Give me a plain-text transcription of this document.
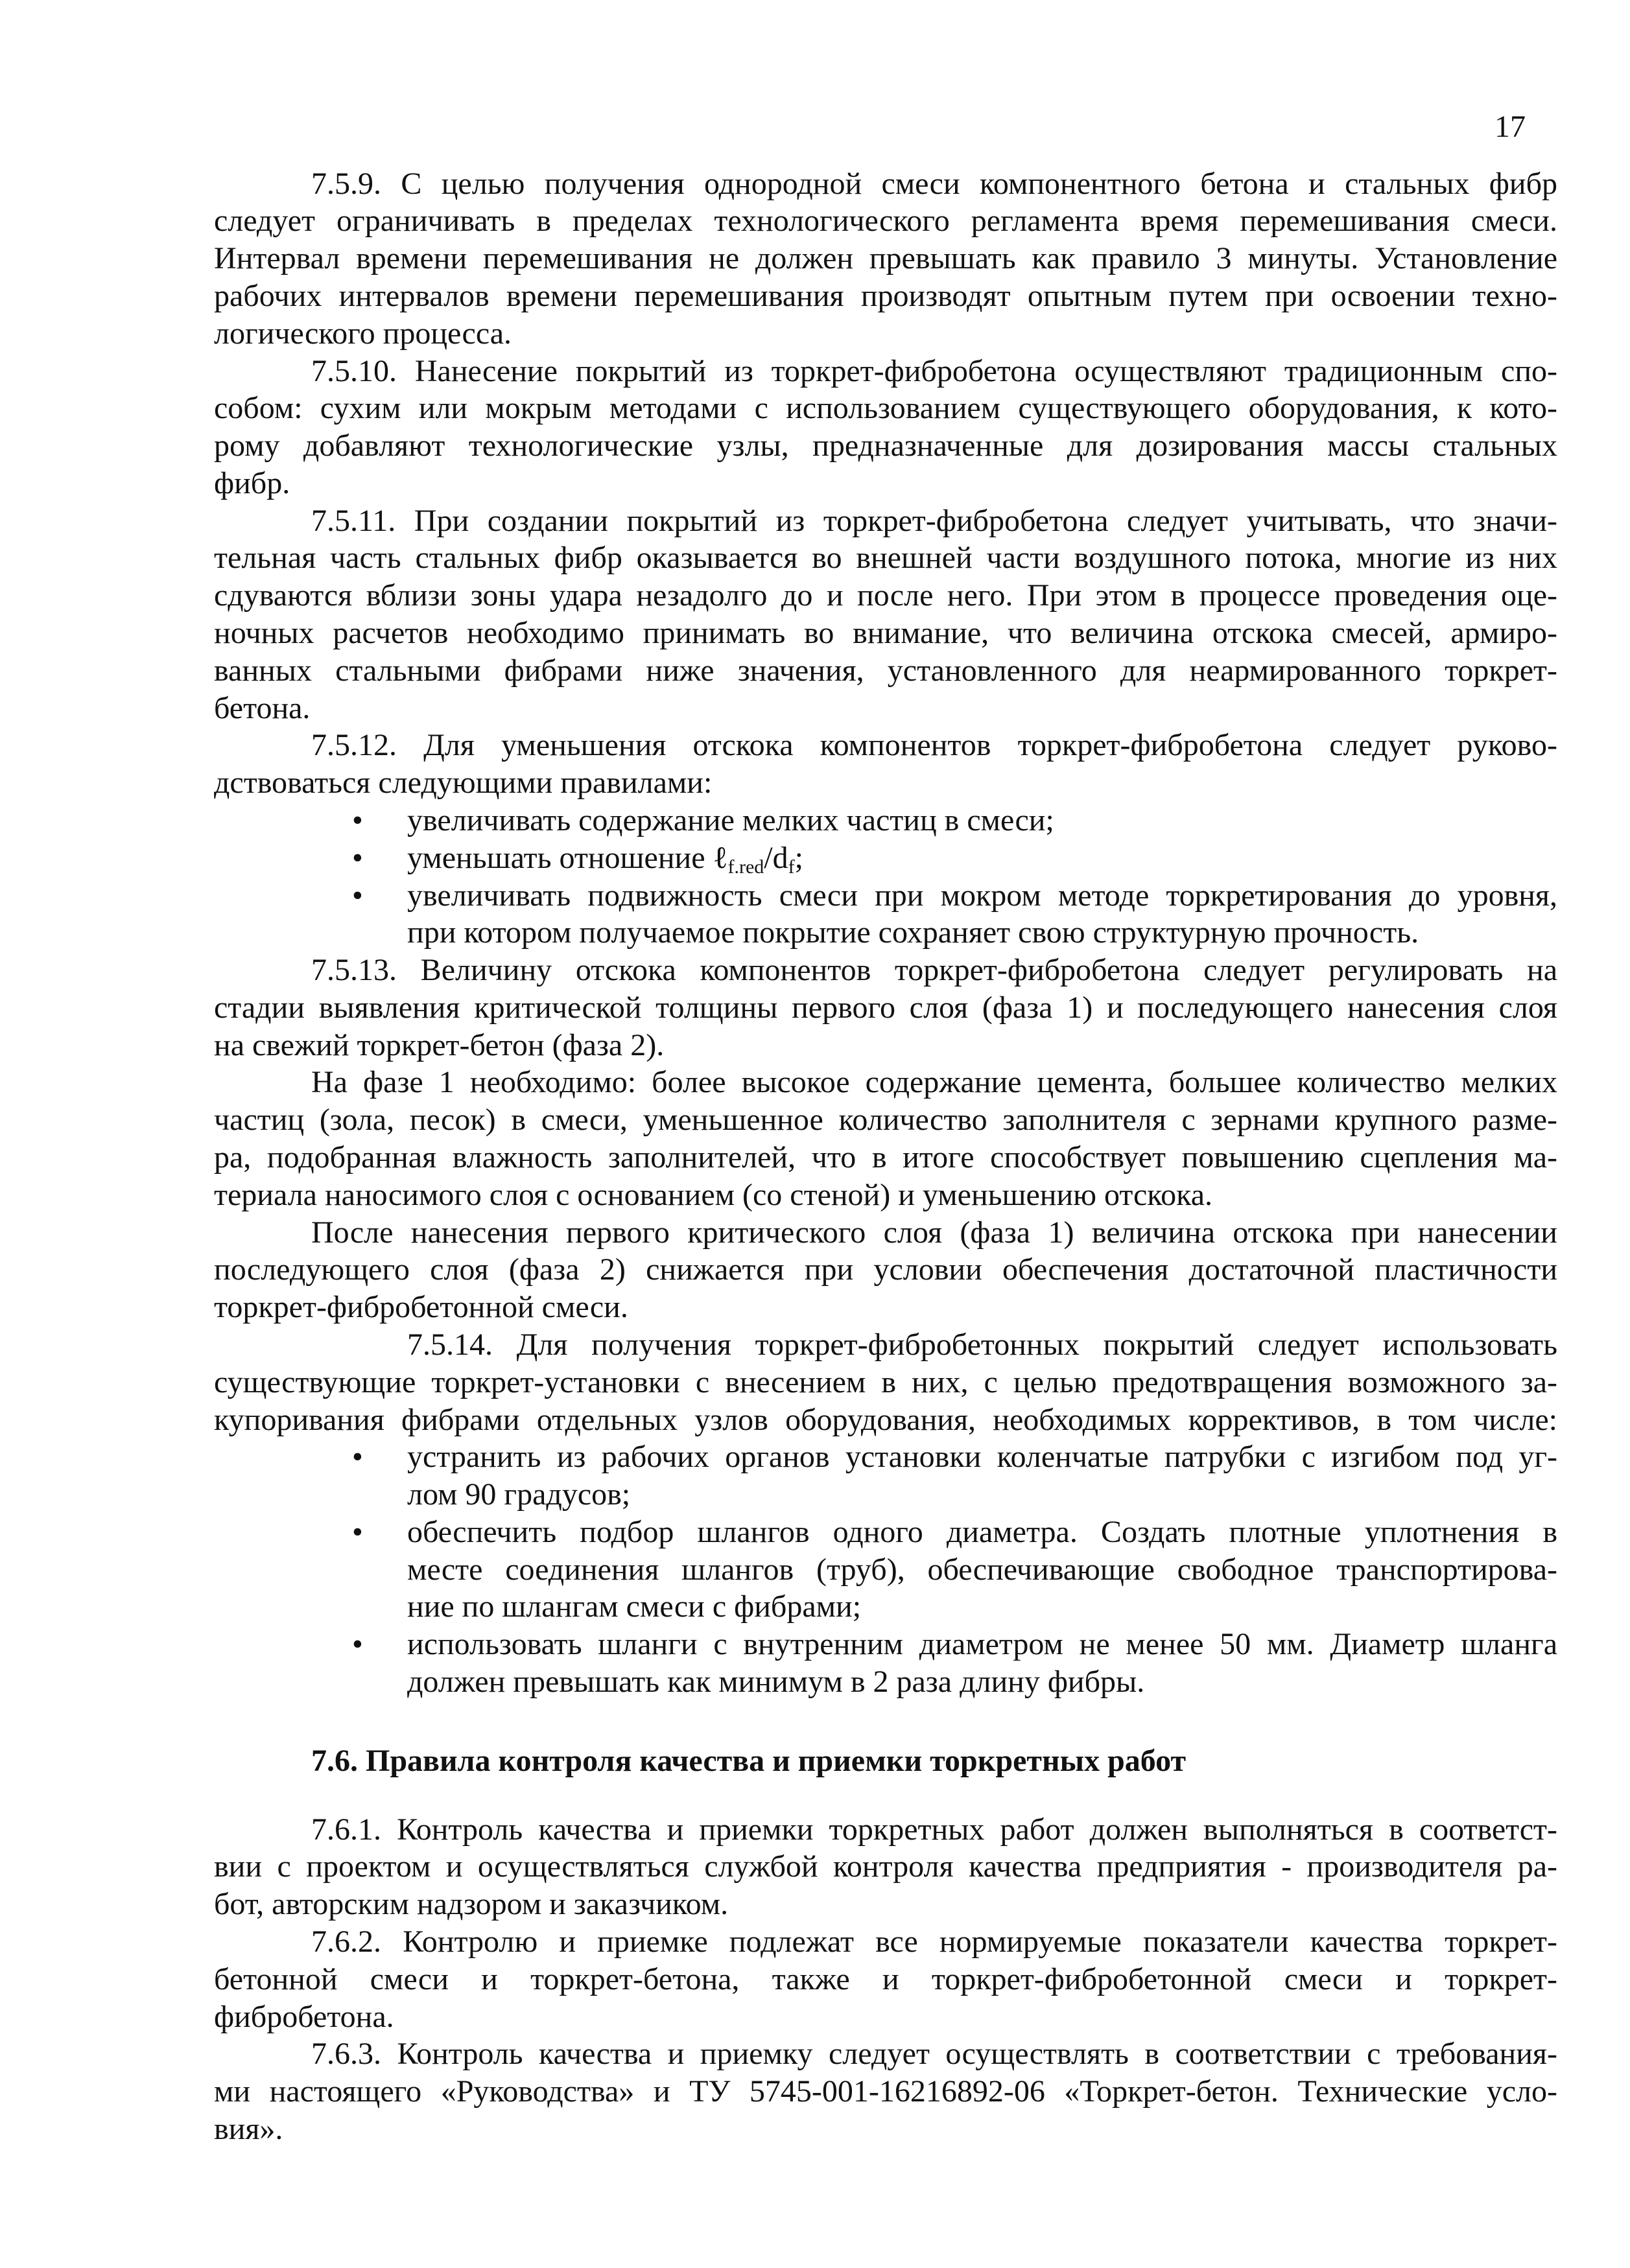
17
7.5.9. С целью получения однородной смеси компонентного бетона и стальных фибр
следует ограничивать в пределах технологического регламента время перемешивания смеси.
Интервал времени перемешивания не должен превышать как правило 3 минуты. Установление
рабочих интервалов времени перемешивания производят опытным путем при освоении техно-
логического процесса.
7.5.10. Нанесение покрытий из торкрет-фибробетона осуществляют традиционным спо-
собом: сухим или мокрым методами с использованием существующего оборудования, к кото-
рому добавляют технологические узлы, предназначенные для дозирования массы стальных
фибр.
7.5.11. При создании покрытий из торкрет-фибробетона следует учитывать, что значи-
тельная часть стальных фибр оказывается во внешней части воздушного потока, многие из них
сдуваются вблизи зоны удара незадолго до и после него. При этом в процессе проведения оце-
ночных расчетов необходимо принимать во внимание, что величина отскока смесей, армиро-
ванных стальными фибрами ниже значения, установленного для неармированного торкрет-
бетона.
7.5.12. Для уменьшения отскока компонентов торкрет-фибробетона следует руково-
дствоваться следующими правилами:
• увеличивать содержание мелких частиц в смеси;
• уменьшать отношение $\ell_{f.red}/d_f$;
• увеличивать подвижность смеси при мокром методе торкретирования до уровня,
при котором получаемое покрытие сохраняет свою структурную прочность.
7.5.13. Величину отскока компонентов торкрет-фибробетона следует регулировать на
стадии выявления критической толщины первого слоя (фаза 1) и последующего нанесения слоя
на свежий торкрет-бетон (фаза 2).
На фазе 1 необходимо: более высокое содержание цемента, большее количество мелких
частиц (зола, песок) в смеси, уменьшенное количество заполнителя с зернами крупного разме-
ра, подобранная влажность заполнителей, что в итоге способствует повышению сцепления ма-
териала наносимого слоя с основанием (со стеной) и уменьшению отскока.
После нанесения первого критического слоя (фаза 1) величина отскока при нанесении
последующего слоя (фаза 2) снижается при условии обеспечения достаточной пластичности
торкрет-фибробетонной смеси.
7.5.14. Для получения торкрет-фибробетонных покрытий следует использовать
существующие торкрет-установки с внесением в них, с целью предотвращения возможного за-
купоривания фибрами отдельных узлов оборудования, необходимых коррективов, в том числе:
• устранить из рабочих органов установки коленчатые патрубки с изгибом под уг-
лом 90 градусов;
• обеспечить подбор шлангов одного диаметра. Создать плотные уплотнения в
месте соединения шлангов (труб), обеспечивающие свободное транспортирова-
ние по шлангам смеси с фибрами;
• использовать шланги с внутренним диаметром не менее 50 мм. Диаметр шланга
должен превышать как минимум в 2 раза длину фибры.
7.6. Правила контроля качества и приемки торкретных работ
7.6.1. Контроль качества и приемки торкретных работ должен выполняться в соответст-
вии с проектом и осуществляться службой контроля качества предприятия - производителя ра-
бот, авторским надзором и заказчиком.
7.6.2. Контролю и приемке подлежат все нормируемые показатели качества торкрет-
бетонной смеси и торкрет-бетона, также и торкрет-фибробетонной смеси и торкрет-
фибробетона.
7.6.3. Контроль качества и приемку следует осуществлять в соответствии с требования-
ми настоящего «Руководства» и ТУ 5745-001-16216892-06 «Торкрет-бетон. Технические усло-
вия».
